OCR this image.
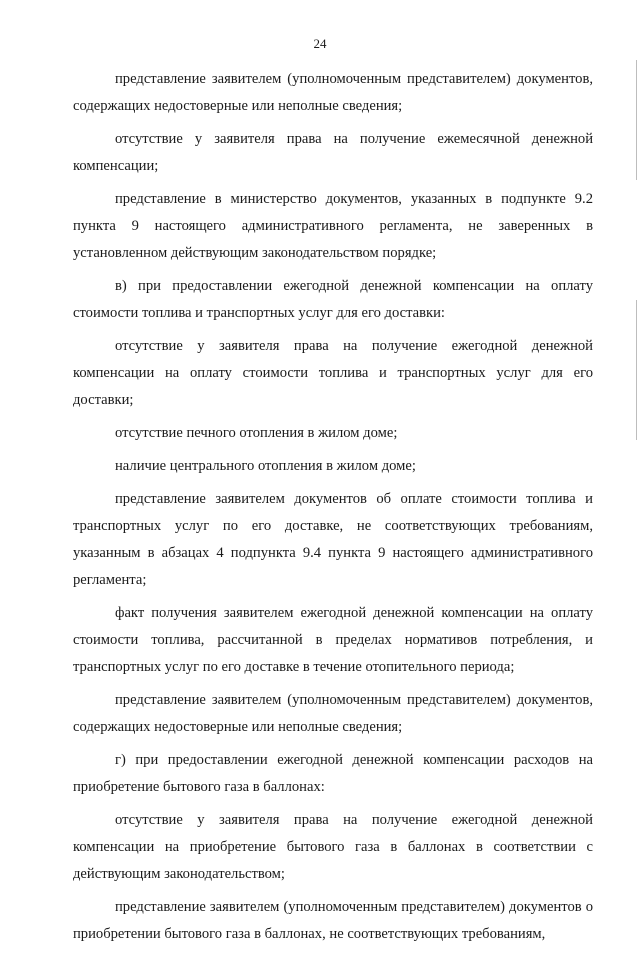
24

представление заявителем (уполномоченным представителем) документов, содержащих недостоверные или неполные сведения;

отсутствие у заявителя права на получение ежемесячной денежной компенсации;

представление в министерство документов, указанных в подпункте 9.2 пункта 9 настоящего административного регламента, не заверенных в установленном действующим законодательством порядке;

в) при предоставлении ежегодной денежной компенсации на оплату стоимости топлива и транспортных услуг для его доставки:

отсутствие у заявителя права на получение ежегодной денежной компенсации на оплату стоимости топлива и транспортных услуг для его доставки;

отсутствие печного отопления в жилом доме;

наличие центрального отопления в жилом доме;

представление заявителем документов об оплате стоимости топлива и транспортных услуг по его доставке, не соответствующих требованиям, указанным в абзацах 4 подпункта 9.4 пункта 9 настоящего административного регламента;

факт получения заявителем ежегодной денежной компенсации на оплату стоимости топлива, рассчитанной в пределах нормативов потребления, и транспортных услуг по его доставке в течение отопительного периода;

представление заявителем (уполномоченным представителем) документов, содержащих недостоверные или неполные сведения;

г) при предоставлении ежегодной денежной компенсации расходов на приобретение бытового газа в баллонах:

отсутствие у заявителя права на получение ежегодной денежной компенсации на приобретение бытового газа в баллонах в соответствии с действующим законодательством;

представление заявителем (уполномоченным представителем) документов о приобретении бытового газа в баллонах, не соответствующих требованиям,
